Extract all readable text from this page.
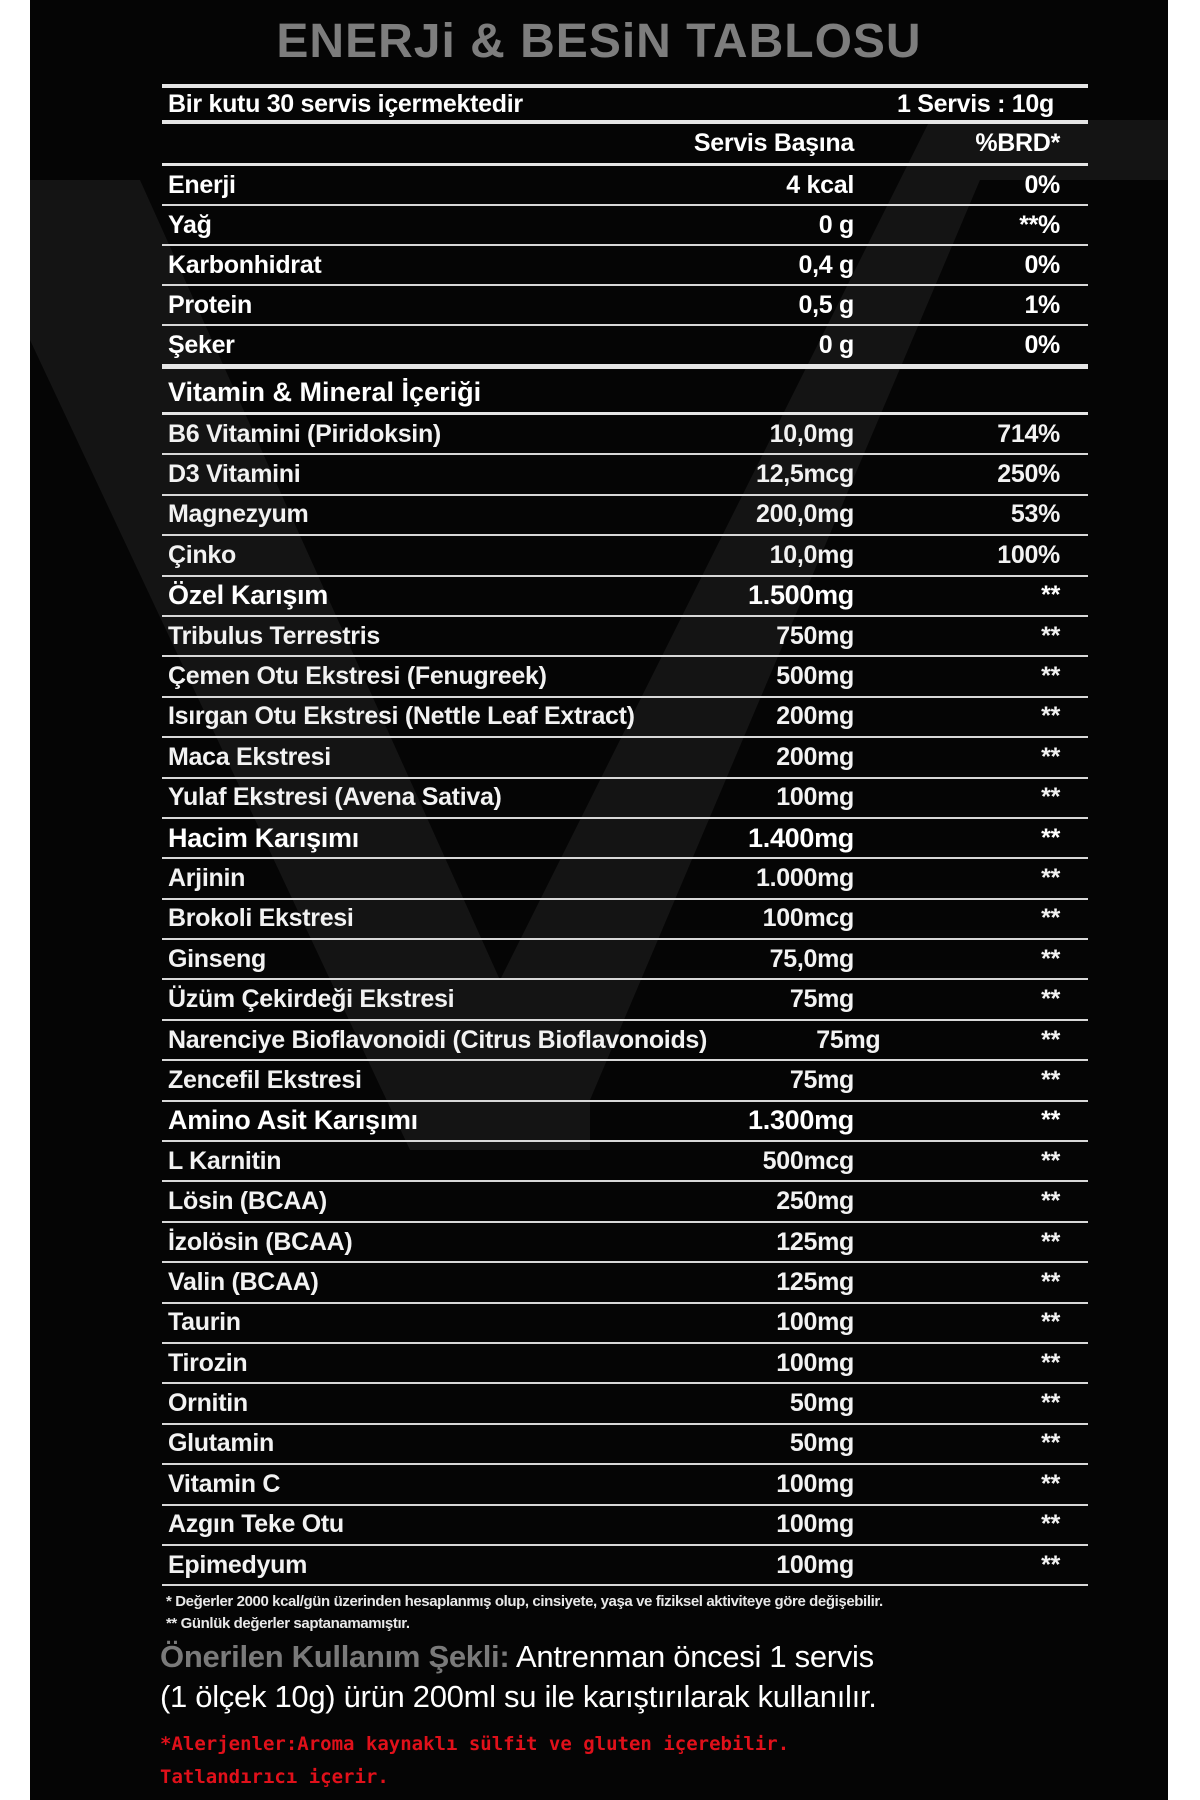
ENERJi & BESiN TABLOSU
Bir kutu 30 servis içermektedir	1 Servis : 10g
Servis Başına	%BRD*
Enerji	4 kcal	0%
Yağ	0 g	**%
Karbonhidrat	0,4 g	0%
Protein	0,5 g	1%
Şeker	0 g	0%
Vitamin & Mineral İçeriği
B6 Vitamini (Piridoksin)	10,0mg	714%
D3 Vitamini	12,5mcg	250%
Magnezyum	200,0mg	53%
Çinko	10,0mg	100%
Özel Karışım	1.500mg	**
Tribulus Terrestris	750mg	**
Çemen Otu Ekstresi (Fenugreek)	500mg	**
Isırgan Otu Ekstresi (Nettle Leaf Extract)	200mg	**
Maca Ekstresi	200mg	**
Yulaf Ekstresi (Avena Sativa)	100mg	**
Hacim Karışımı	1.400mg	**
Arjinin	1.000mg	**
Brokoli Ekstresi	100mcg	**
Ginseng	75,0mg	**
Üzüm Çekirdeği Ekstresi	75mg	**
Narenciye Bioflavonoidi (Citrus Bioflavonoids)	75mg	**
Zencefil Ekstresi	75mg	**
Amino Asit Karışımı	1.300mg	**
L Karnitin	500mcg	**
Lösin (BCAA)	250mg	**
İzolösin (BCAA)	125mg	**
Valin (BCAA)	125mg	**
Taurin	100mg	**
Tirozin	100mg	**
Ornitin	50mg	**
Glutamin	50mg	**
Vitamin C	100mg	**
Azgın Teke Otu	100mg	**
Epimedyum	100mg	**
* Değerler 2000 kcal/gün üzerinden hesaplanmış olup, cinsiyete, yaşa ve fiziksel aktiviteye göre değişebilir.
** Günlük değerler saptanamamıştır.
Önerilen Kullanım Şekli: Antrenman öncesi 1 servis
(1 ölçek 10g) ürün 200ml su ile karıştırılarak kullanılır.
*Alerjenler:Aroma kaynaklı sülfit ve gluten içerebilir.
Tatlandırıcı içerir.
